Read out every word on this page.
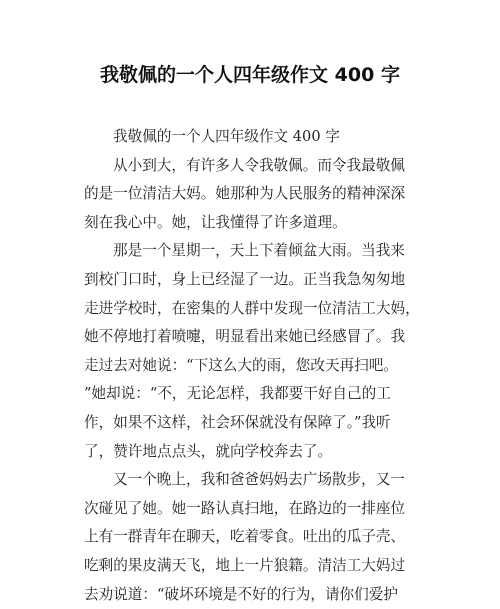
我敬佩的一个人四年级作文 400 字
我敬佩的一个人四年级作文 400 字
从小到大，有许多人令我敬佩。而令我最敬佩
的是一位清洁大妈。她那种为人民服务的精神深深
刻在我心中。她，让我懂得了许多道理。
那是一个星期一，天上下着倾盆大雨。当我来
到校门口时，身上已经湿了一边。正当我急匆匆地
走进学校时，在密集的人群中发现一位清洁工大妈，
她不停地打着喷嚏，明显看出来她已经感冒了。我
走过去对她说：“下这么大的雨，您改天再扫吧。
”她却说：“不，无论怎样，我都要干好自己的工
作，如果不这样，社会环保就没有保障了。”我听
了，赞许地点点头，就向学校奔去了。
又一个晚上，我和爸爸妈妈去广场散步，又一
次碰见了她。她一路认真扫地，在路边的一排座位
上有一群青年在聊天，吃着零食。吐出的瓜子壳、
吃剩的果皮满天飞，地上一片狼籍。清洁工大妈过
去劝说道：“破坏环境是不好的行为，请你们爱护
